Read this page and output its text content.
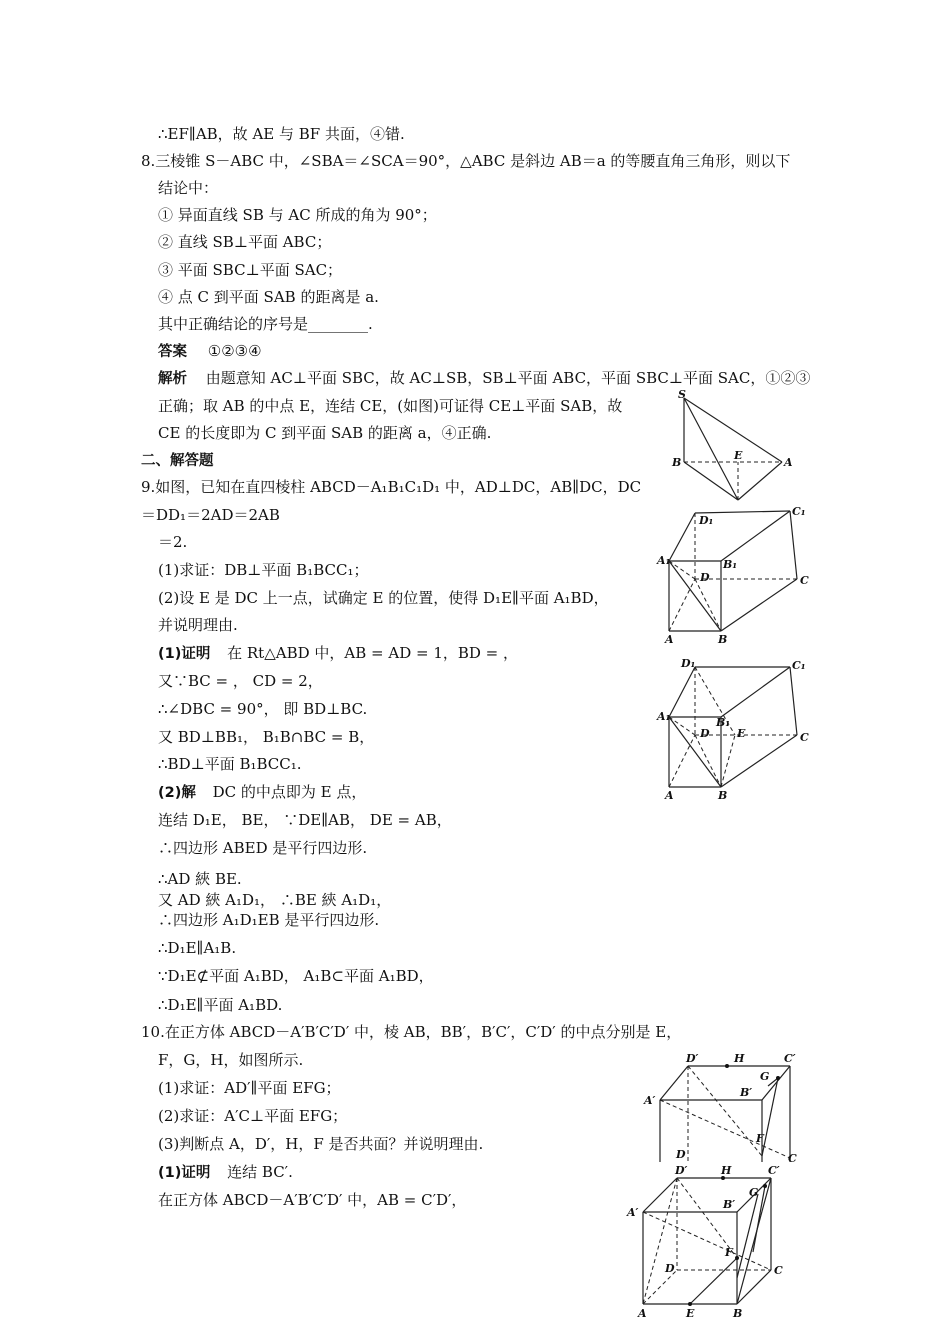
∴EF∥AB，故 AE 与 BF 共面，④错.
8.三棱锥 S－ABC 中，∠SBA＝∠SCA＝90°，△ABC 是斜边 AB＝a 的等腰直角三角形，则以下
结论中：
① 异面直线 SB 与 AC 所成的角为 90°；
② 直线 SB⊥平面 ABC；
③ 平面 SBC⊥平面 SAC；
④ 点 C 到平面 SAB 的距离是 a.
其中正确结论的序号是________.
答案 ①②③④
解析 由题意知 AC⊥平面 SBC，故 AC⊥SB，SB⊥平面 ABC，平面 SBC⊥平面 SAC，①②③
正确；取 AB 的中点 E，连结 CE，(如图)可证得 CE⊥平面 SAB，故
CE 的长度即为 C 到平面 SAB 的距离 a，④正确.
二、解答题
9.如图，已知在直四棱柱 ABCD－A₁B₁C₁D₁ 中，AD⊥DC，AB∥DC，DC
＝DD₁＝2AD＝2AB
＝2.
(1)求证：DB⊥平面 B₁BCC₁；
(2)设 E 是 DC 上一点，试确定 E 的位置，使得 D₁E∥平面 A₁BD，
并说明理由.
(1)证明 在 Rt△ABD 中，AB = AD = 1，BD = ，
又∵BC = ， CD = 2，
∴∠DBC = 90°， 即 BD⊥BC.
又 BD⊥BB₁， B₁B∩BC = B，
∴BD⊥平面 B₁BCC₁.
(2)解 DC 的中点即为 E 点，
连结 D₁E， BE， ∵DE∥AB， DE = AB，
∴四边形 ABED 是平行四边形.
∴AD 綊 BE.
又 AD 綊 A₁D₁， ∴BE 綊 A₁D₁，
∴四边形 A₁D₁EB 是平行四边形.
∴D₁E∥A₁B.
∵D₁E⊄平面 A₁BD， A₁B⊂平面 A₁BD，
∴D₁E∥平面 A₁BD.
10.在正方体 ABCD－A′B′C′D′ 中，棱 AB，BB′，B′C′，C′D′ 的中点分别是 E，
F，G，H，如图所示.
(1)求证：AD′∥平面 EFG；
(2)求证：A′C⊥平面 EFG；
(3)判断点 A，D′，H，F 是否共面？并说明理由.
(1)证明 连结 BC′.
在正方体 ABCD－A′B′C′D′ 中，AB = C′D′，
S
B	A
E
D₁
C₁
A₁	B₁
D	C
A	B
D₁	C₁
A₁	B₁
D E	C
A	B
D′	H	C′
G
B′
A′
F
D	C
D′	H	C′
G
B′
A′
F
D	C
A	E	B
